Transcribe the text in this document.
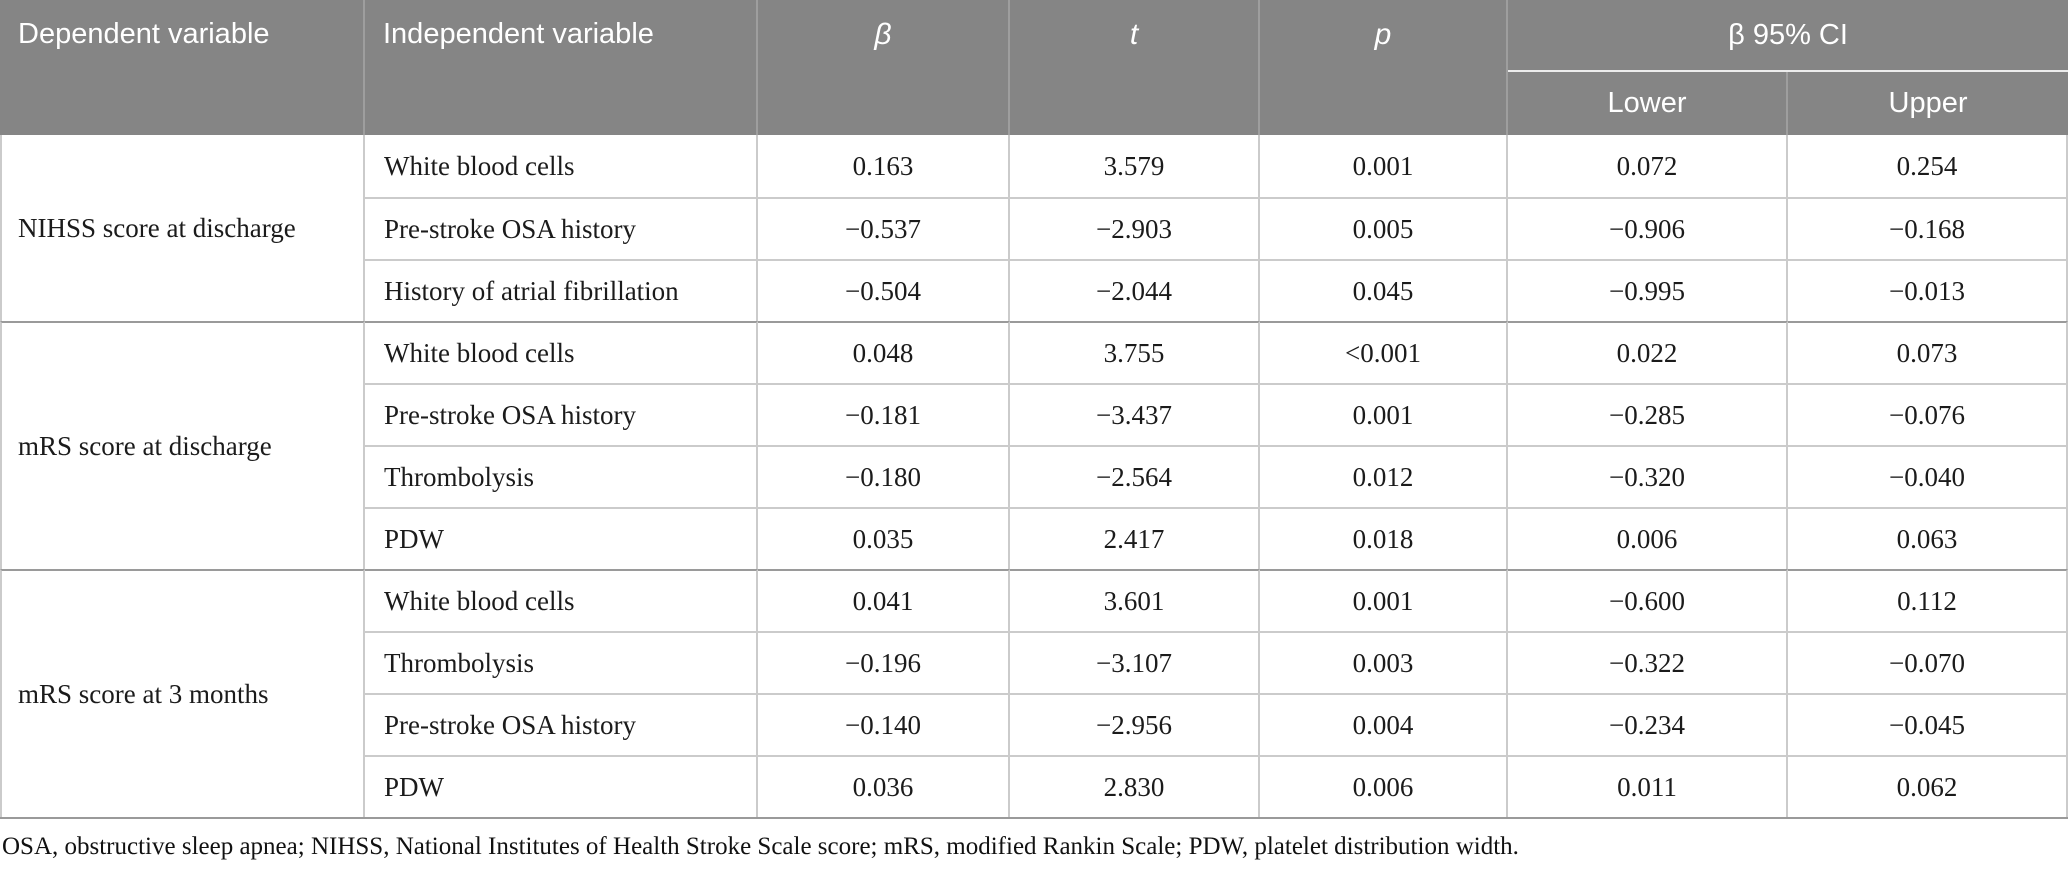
Dependent variable	Independent variable	β	t	p	β 95% CI	
					Lower	Upper
NIHSS score at discharge	White blood cells	0.163	3.579	0.001	0.072	0.254
	Pre-stroke OSA history	−0.537	−2.903	0.005	−0.906	−0.168
	History of atrial fibrillation	−0.504	−2.044	0.045	−0.995	−0.013
mRS score at discharge	White blood cells	0.048	3.755	<0.001	0.022	0.073
	Pre-stroke OSA history	−0.181	−3.437	0.001	−0.285	−0.076
	Thrombolysis	−0.180	−2.564	0.012	−0.320	−0.040
	PDW	0.035	2.417	0.018	0.006	0.063
mRS score at 3 months	White blood cells	0.041	3.601	0.001	−0.600	0.112
	Thrombolysis	−0.196	−3.107	0.003	−0.322	−0.070
	Pre-stroke OSA history	−0.140	−2.956	0.004	−0.234	−0.045
	PDW	0.036	2.830	0.006	0.011	0.062
OSA, obstructive sleep apnea; NIHSS, National Institutes of Health Stroke Scale score; mRS, modified Rankin Scale; PDW, platelet distribution width.
